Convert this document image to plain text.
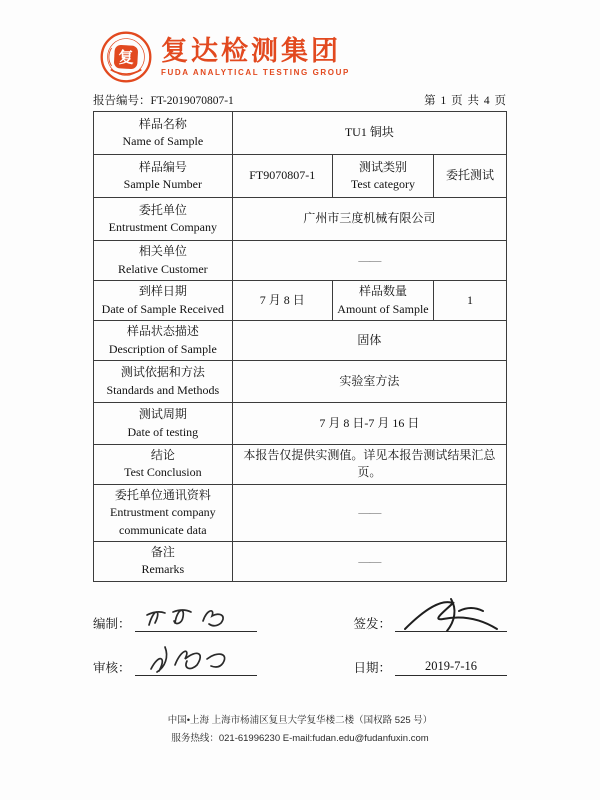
复 复达检测集团
FUDA ANALYTICAL TESTING GROUP
报告编号：FT-2019070807-1	第 1 页 共 4 页
样品名称
Name of Sample	TU1 铜块		

样品编号
Sample Number	FT9070807-1	测试类别
Test category	委托测试

委托单位
Entrustment Company	广州市三度机械有限公司		

相关单位
Relative Customer	——		

到样日期
Date of Sample Received	7 月 8 日	样品数量
Amount of Sample	1

样品状态描述
Description of Sample	固体		

测试依据和方法
Standards and Methods	实验室方法		

测试周期
Date of testing	7 月 8 日-7 月 16 日		

结论
Test Conclusion	本报告仅提供实测值。详见本报告测试结果汇总页。		

委托单位通讯资料
Entrustment company
communicate data	——		

备注
Remarks	——		
编制：
审核：
签发：
日期：	2019-7-16
中国•上海 上海市杨浦区复旦大学复华楼二楼（国权路 525 号）
服务热线：021-61996230 E-mail:fudan.edu@fudanfuxin.com
